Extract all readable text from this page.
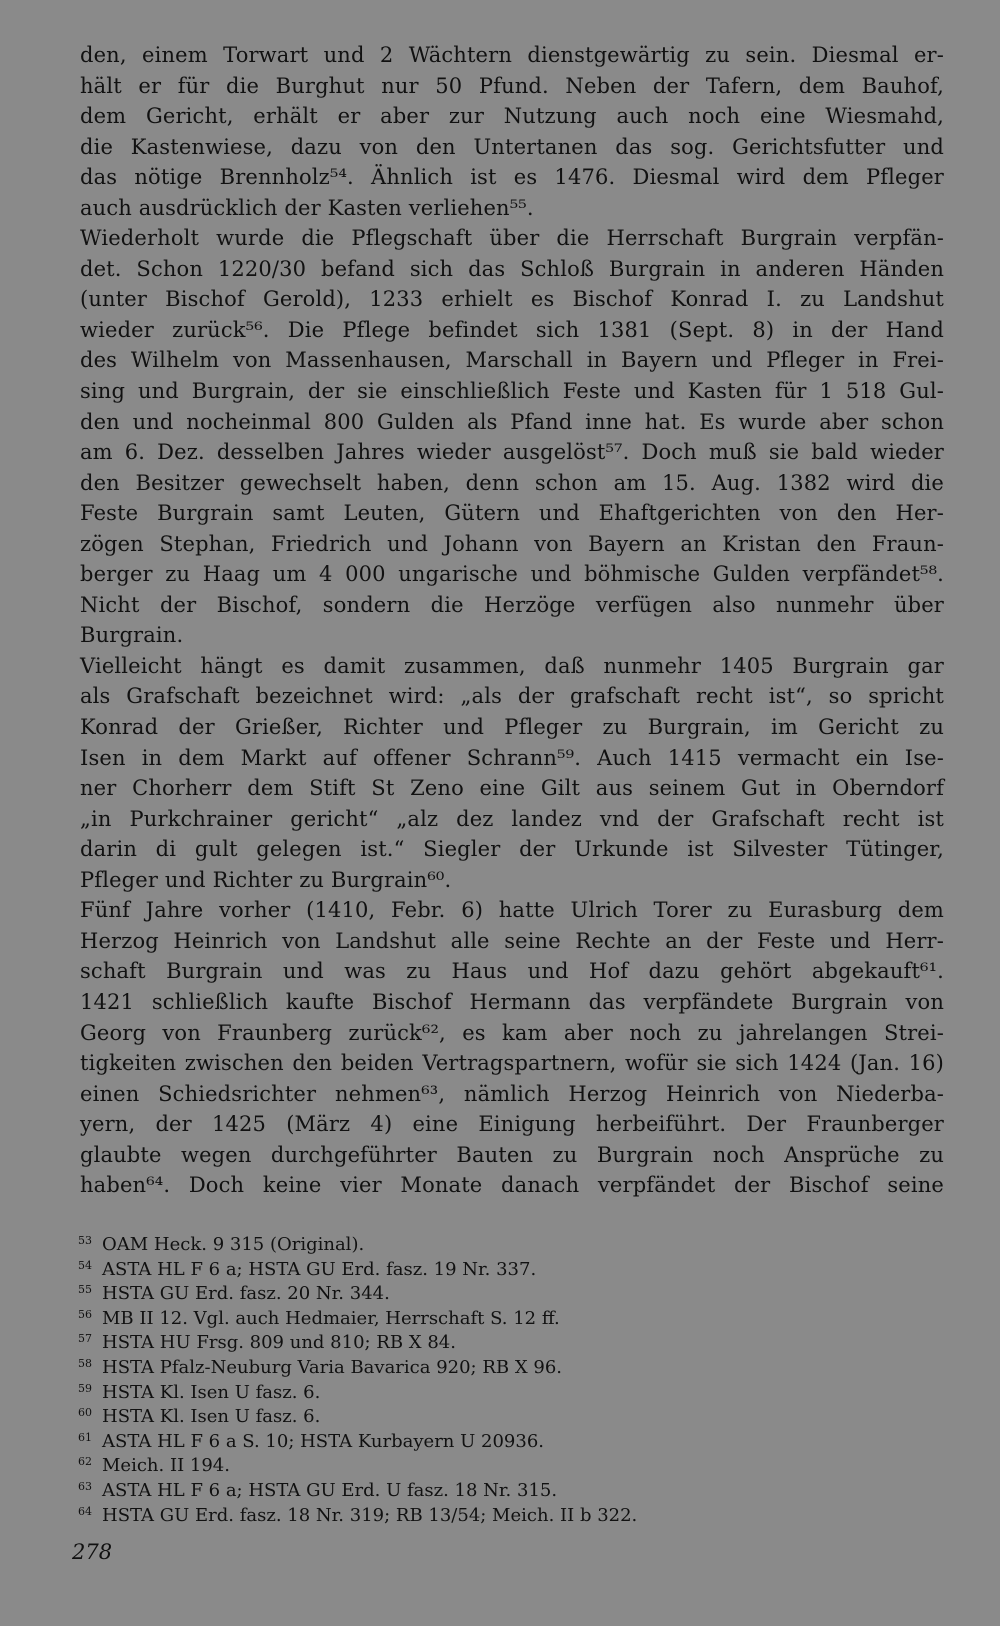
den, einem Torwart und 2 Wächtern dienstgewärtig zu sein. Diesmal er-
hält er für die Burghut nur 50 Pfund. Neben der Tafern, dem Bauhof,
dem Gericht, erhält er aber zur Nutzung auch noch eine Wiesmahd,
die Kastenwiese, dazu von den Untertanen das sog. Gerichtsfutter und
das nötige Brennholz⁵⁴. Ähnlich ist es 1476. Diesmal wird dem Pfleger
auch ausdrücklich der Kasten verliehen⁵⁵.
Wiederholt wurde die Pflegschaft über die Herrschaft Burgrain verpfän-
det. Schon 1220/30 befand sich das Schloß Burgrain in anderen Händen
(unter Bischof Gerold), 1233 erhielt es Bischof Konrad I. zu Landshut
wieder zurück⁵⁶. Die Pflege befindet sich 1381 (Sept. 8) in der Hand
des Wilhelm von Massenhausen, Marschall in Bayern und Pfleger in Frei-
sing und Burgrain, der sie einschließlich Feste und Kasten für 1 518 Gul-
den und nocheinmal 800 Gulden als Pfand inne hat. Es wurde aber schon
am 6. Dez. desselben Jahres wieder ausgelöst⁵⁷. Doch muß sie bald wieder
den Besitzer gewechselt haben, denn schon am 15. Aug. 1382 wird die
Feste Burgrain samt Leuten, Gütern und Ehaftgerichten von den Her-
zögen Stephan, Friedrich und Johann von Bayern an Kristan den Fraun-
berger zu Haag um 4 000 ungarische und böhmische Gulden verpfändet⁵⁸.
Nicht der Bischof, sondern die Herzöge verfügen also nunmehr über
Burgrain.
Vielleicht hängt es damit zusammen, daß nunmehr 1405 Burgrain gar
als Grafschaft bezeichnet wird: „als der grafschaft recht ist“, so spricht
Konrad der Grießer, Richter und Pfleger zu Burgrain, im Gericht zu
Isen in dem Markt auf offener Schrann⁵⁹. Auch 1415 vermacht ein Ise-
ner Chorherr dem Stift St Zeno eine Gilt aus seinem Gut in Oberndorf
„in Purkchrainer gericht“ „alz dez landez vnd der Grafschaft recht ist
darin di gult gelegen ist.“ Siegler der Urkunde ist Silvester Tütinger,
Pfleger und Richter zu Burgrain⁶⁰.
Fünf Jahre vorher (1410, Febr. 6) hatte Ulrich Torer zu Eurasburg dem
Herzog Heinrich von Landshut alle seine Rechte an der Feste und Herr-
schaft Burgrain und was zu Haus und Hof dazu gehört abgekauft⁶¹.
1421 schließlich kaufte Bischof Hermann das verpfändete Burgrain von
Georg von Fraunberg zurück⁶², es kam aber noch zu jahrelangen Strei-
tigkeiten zwischen den beiden Vertragspartnern, wofür sie sich 1424 (Jan. 16)
einen Schiedsrichter nehmen⁶³, nämlich Herzog Heinrich von Niederba-
yern, der 1425 (März 4) eine Einigung herbeiführt. Der Fraunberger
glaubte wegen durchgeführter Bauten zu Burgrain noch Ansprüche zu
haben⁶⁴. Doch keine vier Monate danach verpfändet der Bischof seine
53 OAM Heck. 9 315 (Original).
54 ASTA HL F 6 a; HSTA GU Erd. fasz. 19 Nr. 337.
55 HSTA GU Erd. fasz. 20 Nr. 344.
56 MB II 12. Vgl. auch Hedmaier, Herrschaft S. 12 ff.
57 HSTA HU Frsg. 809 und 810; RB X 84.
58 HSTA Pfalz-Neuburg Varia Bavarica 920; RB X 96.
59 HSTA Kl. Isen U fasz. 6.
60 HSTA Kl. Isen U fasz. 6.
61 ASTA HL F 6 a S. 10; HSTA Kurbayern U 20936.
62 Meich. II 194.
63 ASTA HL F 6 a; HSTA GU Erd. U fasz. 18 Nr. 315.
64 HSTA GU Erd. fasz. 18 Nr. 319; RB 13/54; Meich. II b 322.
278
